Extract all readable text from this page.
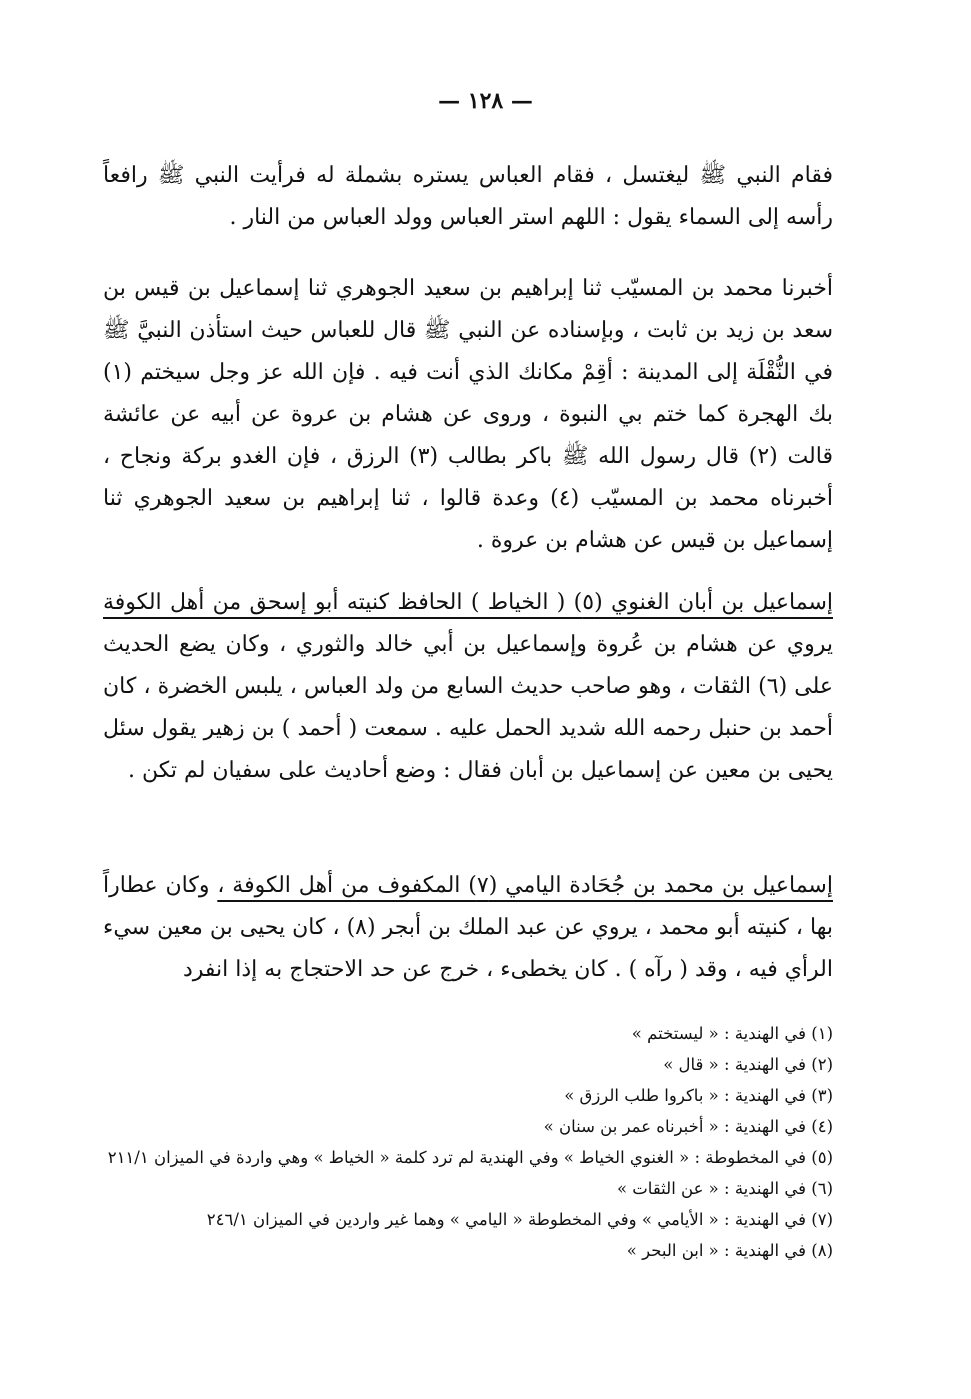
— ١٢٨ —

فقام النبي ﷺ ليغتسل ، فقام العباس يستره بشملة له فرأيت النبي ﷺ رافعاً رأسه إلى السماء يقول : اللهم استر العباس وولد العباس من النار .

أخبرنا محمد بن المسيّب ثنا إبراهيم بن سعيد الجوهري ثنا إسماعيل بن قيس بن سعد بن زيد بن ثابت ، وبإسناده عن النبي ﷺ قال للعباس حيث استأذن النبيَّ ﷺ في النُّقْلَة إلى المدينة : أقِمْ مكانك الذي أنت فيه . فإن الله عز وجل سيختم (١) بك الهجرة كما ختم بي النبوة ، وروى عن هشام بن عروة عن أبيه عن عائشة قالت (٢) قال رسول الله ﷺ باكر بطالب (٣) الرزق ، فإن الغدو بركة ونجاح ، أخبرناه محمد بن المسيّب (٤) وعدة قالوا ، ثنا إبراهيم بن سعيد الجوهري ثنا إسماعيل بن قيس عن هشام بن عروة .

إسماعيل بن أبان الغنوي (٥) ( الخياط ) الحافظ كنيته أبو إسحق من أهل الكوفة يروي عن هشام بن عُروة وإسماعيل بن أبي خالد والثوري ، وكان يضع الحديث على (٦) الثقات ، وهو صاحب حديث السابع من ولد العباس ، يلبس الخضرة ، كان أحمد بن حنبل رحمه الله شديد الحمل عليه . سمعت ( أحمد ) بن زهير يقول سئل يحيى بن معين عن إسماعيل بن أبان فقال : وضع أحاديث على سفيان لم تكن .

إسماعيل بن محمد بن جُحَادة اليامي (٧) المكفوف من أهل الكوفة ، وكان عطاراً بها ، كنيته أبو محمد ، يروي عن عبد الملك بن أبجر (٨) ، كان يحيى بن معين سيء الرأي فيه ، وقد ( رآه ) . كان يخطىء ، خرج عن حد الاحتجاج به إذا انفرد

(١) في الهندية : « ليستختم »

(٢) في الهندية : « قال »

(٣) في الهندية : « باكروا طلب الرزق »

(٤) في الهندية : « أخبرناه عمر بن سنان »

(٥) في المخطوطة : « الغنوي الخياط » وفي الهندية لم ترد كلمة « الخياط » وهي واردة في الميزان ٢١١/١

(٦) في الهندية : « عن الثقات »

(٧) في الهندية : « الأيامي » وفي المخطوطة « اليامي » وهما غير واردين في الميزان ٢٤٦/١

(٨) في الهندية : « ابن البحر »
